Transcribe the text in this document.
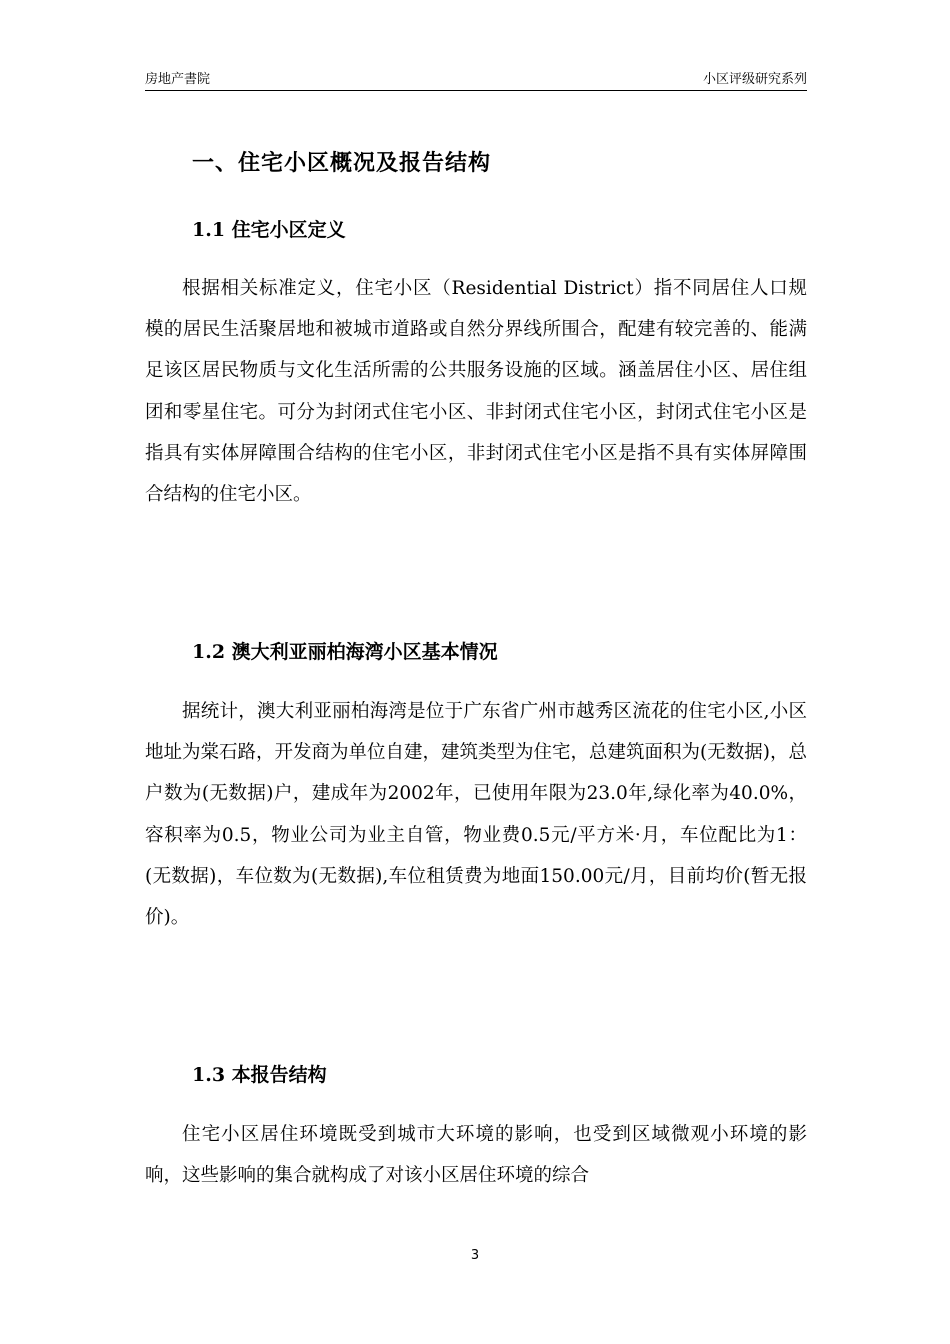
房地产書院	小区评级研究系列
一、住宅小区概况及报告结构
1.1 住宅小区定义

根据相关标准定义，住宅小区（Residential District）指不同居住人口规模的居民生活聚居地和被城市道路或自然分界线所围合，配建有较完善的、能满足该区居民物质与文化生活所需的公共服务设施的区域。涵盖居住小区、居住组团和零星住宅。可分为封闭式住宅小区、非封闭式住宅小区，封闭式住宅小区是指具有实体屏障围合结构的住宅小区，非封闭式住宅小区是指不具有实体屏障围合结构的住宅小区。

1.2 澳大利亚丽柏海湾小区基本情况

据统计，澳大利亚丽柏海湾是位于广东省广州市越秀区流花的住宅小区,小区地址为棠石路，开发商为单位自建，建筑类型为住宅，总建筑面积为(无数据)，总户数为(无数据)户，建成年为2002年，已使用年限为23.0年,绿化率为40.0%，容积率为0.5，物业公司为业主自管，物业费0.5元/平方米·月，车位配比为1：(无数据)，车位数为(无数据),车位租赁费为地面150.00元/月，目前均价(暂无报价)。

1.3 本报告结构

住宅小区居住环境既受到城市大环境的影响，也受到区域微观小环境的影响，这些影响的集合就构成了对该小区居住环境的综合

3
